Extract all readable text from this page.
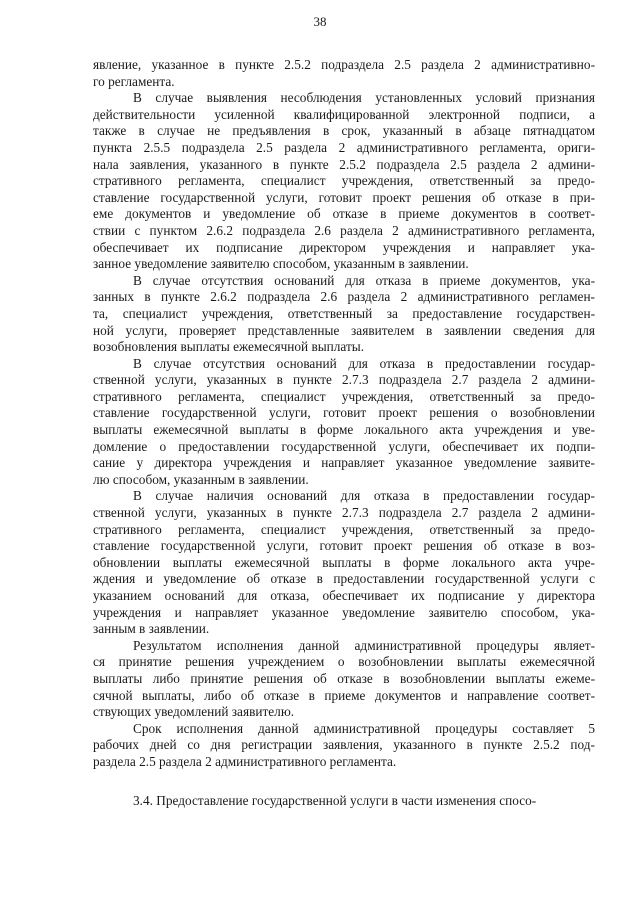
38
явление, указанное в пункте 2.5.2 подраздела 2.5 раздела 2 административно-
го регламента.
В случае выявления несоблюдения установленных условий признания
действительности усиленной квалифицированной электронной подписи, а
также в случае не предъявления в срок, указанный в абзаце пятнадцатом
пункта 2.5.5 подраздела 2.5 раздела 2 административного регламента, ориги-
нала заявления, указанного в пункте 2.5.2 подраздела 2.5 раздела 2 админи-
стративного регламента, специалист учреждения, ответственный за предо-
ставление государственной услуги, готовит проект решения об отказе в при-
еме документов и уведомление об отказе в приеме документов в соответ-
ствии с пунктом 2.6.2 подраздела 2.6 раздела 2 административного регламента,
обеспечивает их подписание директором учреждения и направляет ука-
занное уведомление заявителю способом, указанным в заявлении.
В случае отсутствия оснований для отказа в приеме документов, ука-
занных в пункте 2.6.2 подраздела 2.6 раздела 2 административного регламен-
та, специалист учреждения, ответственный за предоставление государствен-
ной услуги, проверяет представленные заявителем в заявлении сведения для
возобновления выплаты ежемесячной выплаты.
В случае отсутствия оснований для отказа в предоставлении государ-
ственной услуги, указанных в пункте 2.7.3 подраздела 2.7 раздела 2 админи-
стративного регламента, специалист учреждения, ответственный за предо-
ставление государственной услуги, готовит проект решения о возобновлении
выплаты ежемесячной выплаты в форме локального акта учреждения и уве-
домление о предоставлении государственной услуги, обеспечивает их подпи-
сание у директора учреждения и направляет указанное уведомление заявите-
лю способом, указанным в заявлении.
В случае наличия оснований для отказа в предоставлении государ-
ственной услуги, указанных в пункте 2.7.3 подраздела 2.7 раздела 2 админи-
стративного регламента, специалист учреждения, ответственный за предо-
ставление государственной услуги, готовит проект решения об отказе в воз-
обновлении выплаты ежемесячной выплаты в форме локального акта учре-
ждения и уведомление об отказе в предоставлении государственной услуги с
указанием оснований для отказа, обеспечивает их подписание у директора
учреждения и направляет указанное уведомление заявителю способом, ука-
занным в заявлении.
Результатом исполнения данной административной процедуры являет-
ся принятие решения учреждением о возобновлении выплаты ежемесячной
выплаты либо принятие решения об отказе в возобновлении выплаты ежеме-
сячной выплаты, либо об отказе в приеме документов и направление соответ-
ствующих уведомлений заявителю.
Срок исполнения данной административной процедуры составляет 5
рабочих дней со дня регистрации заявления, указанного в пункте 2.5.2 под-
раздела 2.5 раздела 2 административного регламента.
3.4. Предоставление государственной услуги в части изменения спосо-
